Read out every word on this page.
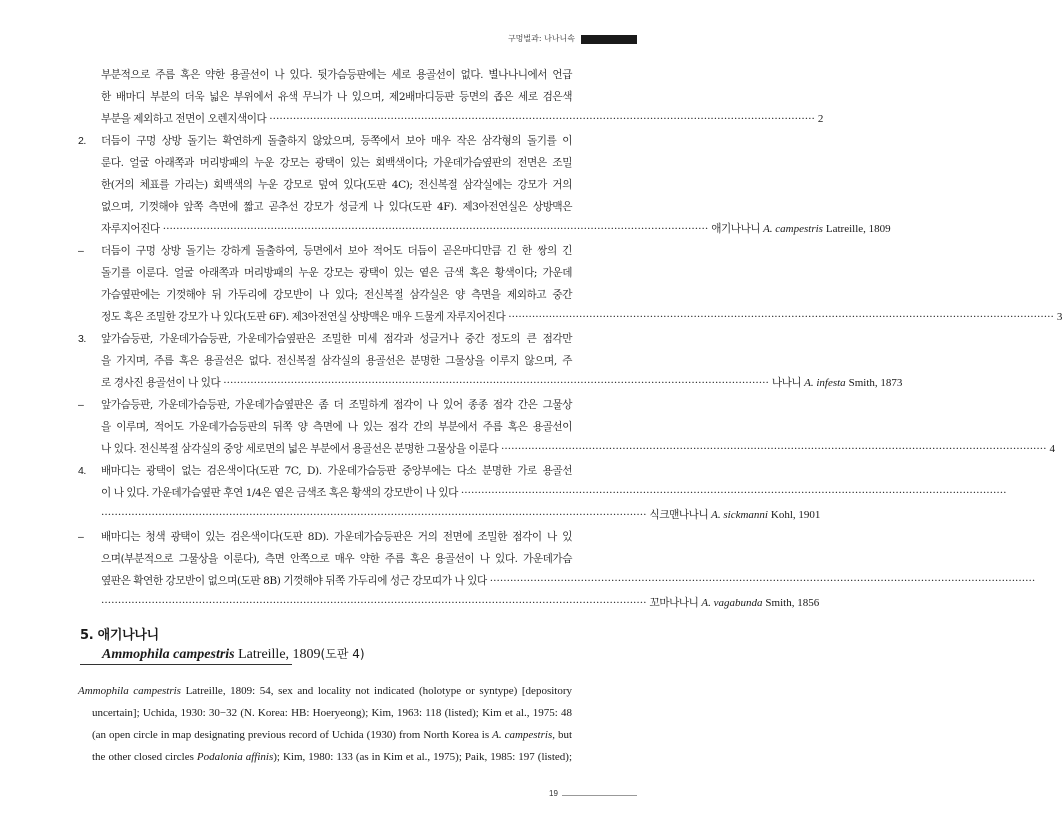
구멍벌과: 나나니속
부분적으로 주름 혹은 약한 용골선이 나 있다. 뒷가슴등판에는 세로 용골선이 없다. 별나나니에서 언급
한 배마디 부분의 더욱 넓은 부위에서 유색 무늬가 나 있으며, 제2배마디등판 등면의 좁은 세로 검은색
부분을 제외하고 전면이 오렌지색이다 ·································································································································································· 2
2.	더듬이 구멍 상방 돌기는 확연하게 돌출하지 않았으며, 등쪽에서 보아 매우 작은 삼각형의 돌기를 이
룬다. 얼굴 아래쪽과 머리방패의 누운 강모는 광택이 있는 회백색이다; 가운데가슴옆판의 전면은 조밀
한(거의 체표를 가리는) 회백색의 누운 강모로 덮여 있다(도판 4C); 전신복절 삼각실에는 강모가 거의
없으며, 기껏해야 앞쪽 측면에 짧고 곧추선 강모가 성글게 나 있다(도판 4F). 제3아전연실은 상방맥은
자루지어진다 ·································································································································································· 애기나나니 A. campestris Latreille, 1809
–	더듬이 구멍 상방 돌기는 강하게 돌출하여, 등면에서 보아 적어도 더듬이 곧은마디만큼 긴 한 쌍의 긴
돌기를 이룬다. 얼굴 아래쪽과 머리방패의 누운 강모는 광택이 있는 옅은 금색 혹은 황색이다; 가운데
가슴옆판에는 기껏해야 뒤 가두리에 강모반이 나 있다; 전신복절 삼각실은 양 측면을 제외하고 중간
정도 혹은 조밀한 강모가 나 있다(도판 6F). 제3아전연실 상방맥은 매우 드물게 자루지어진다 ·································································································································································· 3
3.	앞가슴등판, 가운데가슴등판, 가운데가슴옆판은 조밀한 미세 점각과 성글거나 중간 정도의 큰 점각만
을 가지며, 주름 혹은 용골선은 없다. 전신복절 삼각실의 용골선은 분명한 그물상을 이루지 않으며, 주
로 경사진 용골선이 나 있다 ·································································································································································· 나나니 A. infesta Smith, 1873
–	앞가슴등판, 가운데가슴등판, 가운데가슴옆판은 좀 더 조밀하게 점각이 나 있어 종종 점각 간은 그물상
을 이루며, 적어도 가운데가슴등판의 뒤쪽 양 측면에 나 있는 점각 간의 부분에서 주름 혹은 용골선이
나 있다. 전신복절 삼각실의 중앙 세로면의 넓은 부분에서 용골선은 분명한 그물상을 이룬다 ·································································································································································· 4
4.	배마디는 광택이 없는 검은색이다(도판 7C, D). 가운데가슴등판 중앙부에는 다소 분명한 가로 용골선
이 나 있다. 가운데가슴옆판 후연 1/4은 옅은 금색조 혹은 황색의 강모반이 나 있다 ··································································································································································
·································································································································································· 식크맨나나니 A. sickmanni Kohl, 1901
–	배마디는 청색 광택이 있는 검은색이다(도판 8D). 가운데가슴등판은 거의 전면에 조밀한 점각이 나 있
으며(부분적으로 그물상을 이룬다), 측면 안쪽으로 매우 약한 주름 혹은 용골선이 나 있다. 가운데가슴
옆판은 확연한 강모반이 없으며(도판 8B) 기껏해야 뒤쪽 가두리에 성근 강모띠가 나 있다 ··································································································································································
·································································································································································· 꼬마나나니 A. vagabunda Smith, 1856
5. 애기나나니
Ammophila campestris Latreille, 1809(도판 4)
Ammophila campestris Latreille, 1809: 54, sex and locality not indicated (holotype or syntype) [depository
uncertain]; Uchida, 1930: 30−32 (N. Korea: HB: Hoeryeong); Kim, 1963: 118 (listed); Kim et al., 1975: 48
(an open circle in map designating previous record of Uchida (1930) from North Korea is A. campestris, but
the other closed circles Podalonia affinis); Kim, 1980: 133 (as in Kim et al., 1975); Paik, 1985: 197 (listed);
19
